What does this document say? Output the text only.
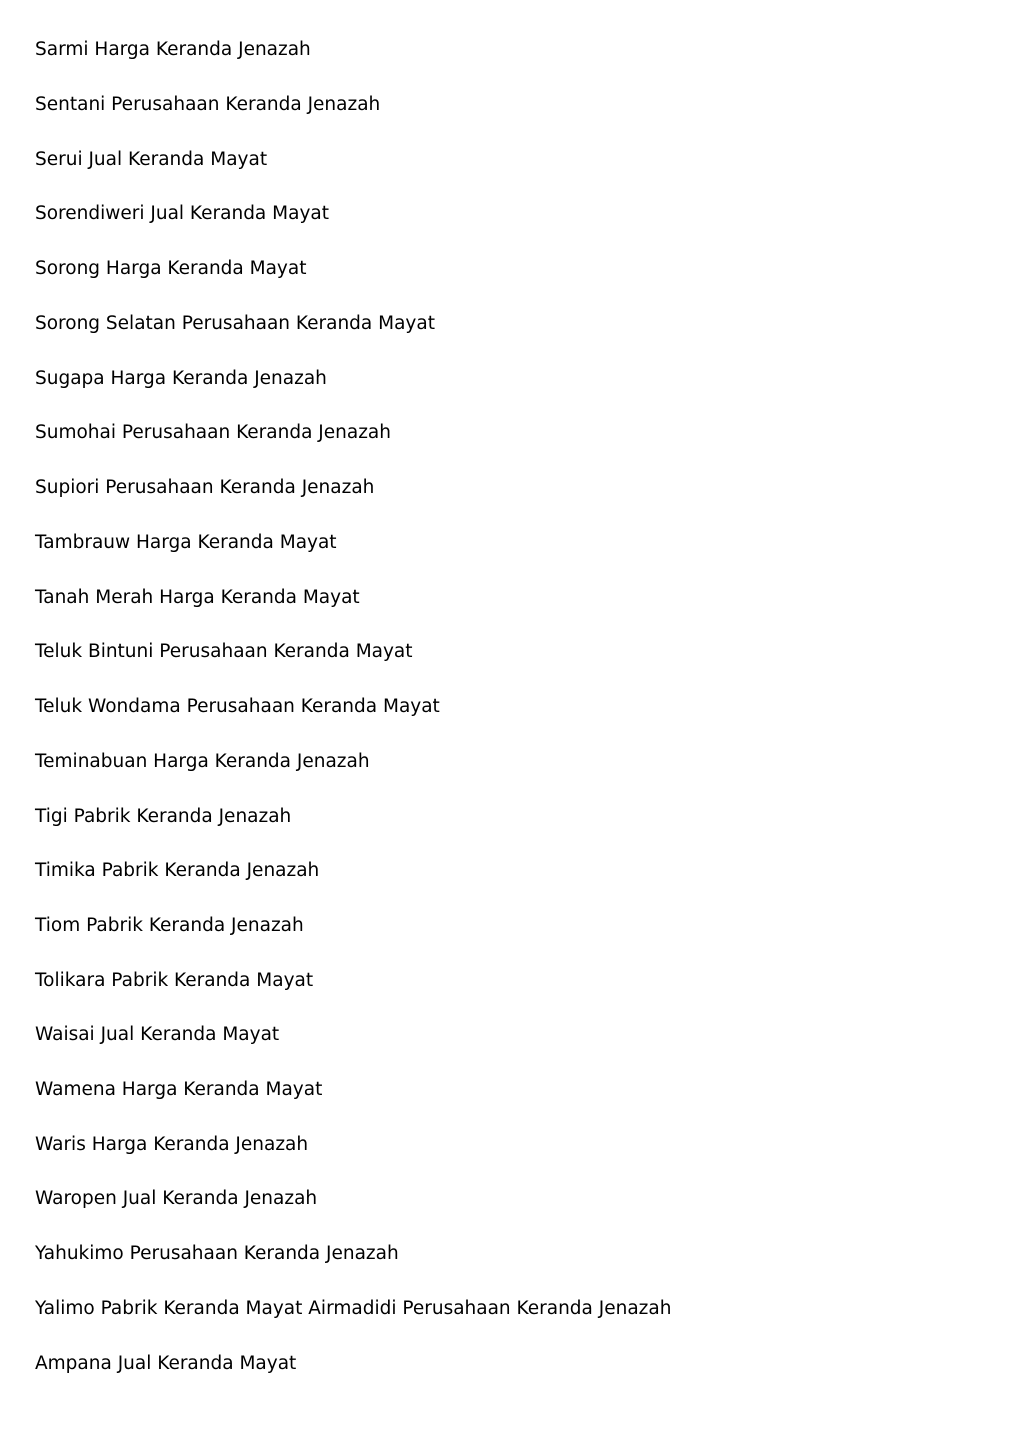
Sarmi Harga Keranda Jenazah
Sentani Perusahaan Keranda Jenazah
Serui Jual Keranda Mayat
Sorendiweri Jual Keranda Mayat
Sorong Harga Keranda Mayat
Sorong Selatan Perusahaan Keranda Mayat
Sugapa Harga Keranda Jenazah
Sumohai Perusahaan Keranda Jenazah
Supiori Perusahaan Keranda Jenazah
Tambrauw Harga Keranda Mayat
Tanah Merah Harga Keranda Mayat
Teluk Bintuni Perusahaan Keranda Mayat
Teluk Wondama Perusahaan Keranda Mayat
Teminabuan Harga Keranda Jenazah
Tigi Pabrik Keranda Jenazah
Timika Pabrik Keranda Jenazah
Tiom Pabrik Keranda Jenazah
Tolikara Pabrik Keranda Mayat
Waisai Jual Keranda Mayat
Wamena Harga Keranda Mayat
Waris Harga Keranda Jenazah
Waropen Jual Keranda Jenazah
Yahukimo Perusahaan Keranda Jenazah
Yalimo Pabrik Keranda Mayat Airmadidi Perusahaan Keranda Jenazah
Ampana Jual Keranda Mayat
